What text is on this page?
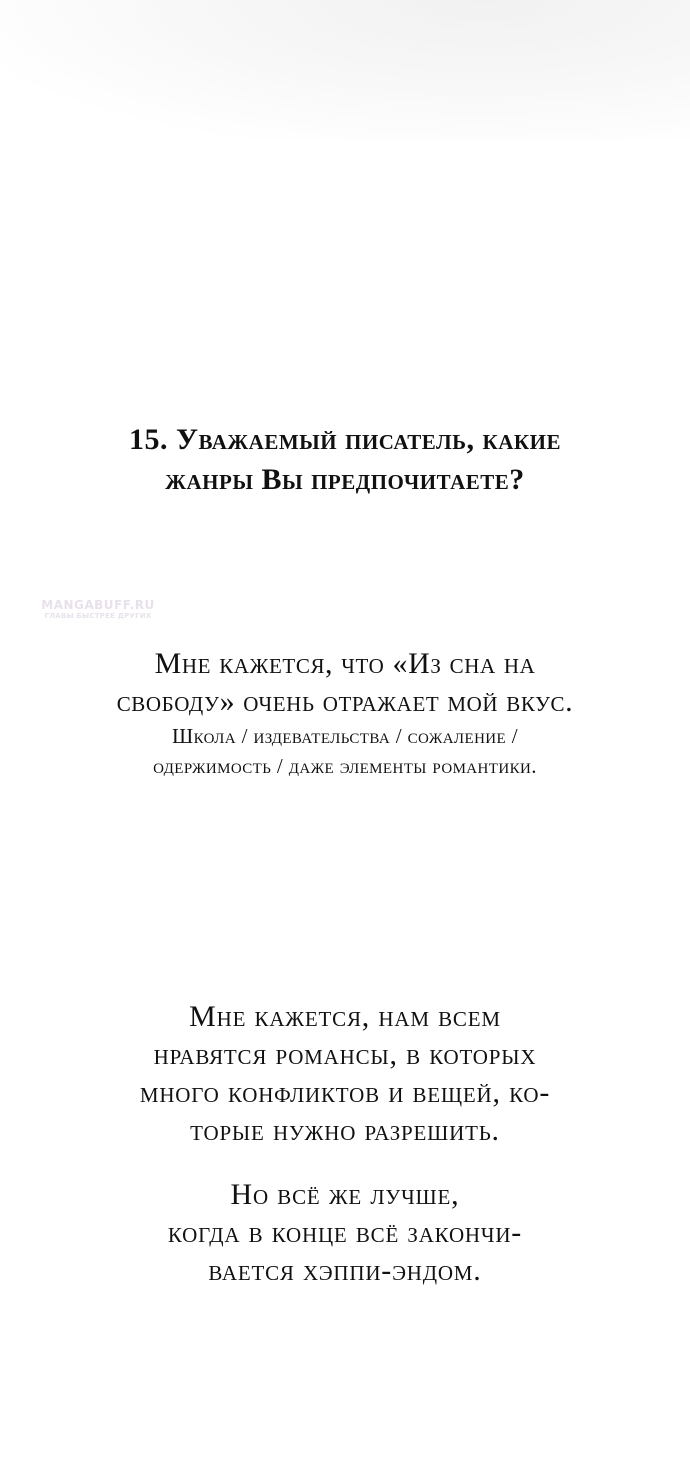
15. Уважаемый писатель, какие
жанры Вы предпочитаете?
MANGABUFF.RU
ГЛАВЫ БЫСТРЕЕ ДРУГИХ
Мне кажется, что «Из сна на
свободу» очень отражает мой вкус.
Школа / издевательства / сожаление /
одержимость / даже элементы романтики.
Мне кажется, нам всем
нравятся романсы, в которых
много конфликтов и вещей, ко-
торые нужно разрешить.
Но всё же лучше,
когда в конце всё закончи-
вается хэппи-эндом.
